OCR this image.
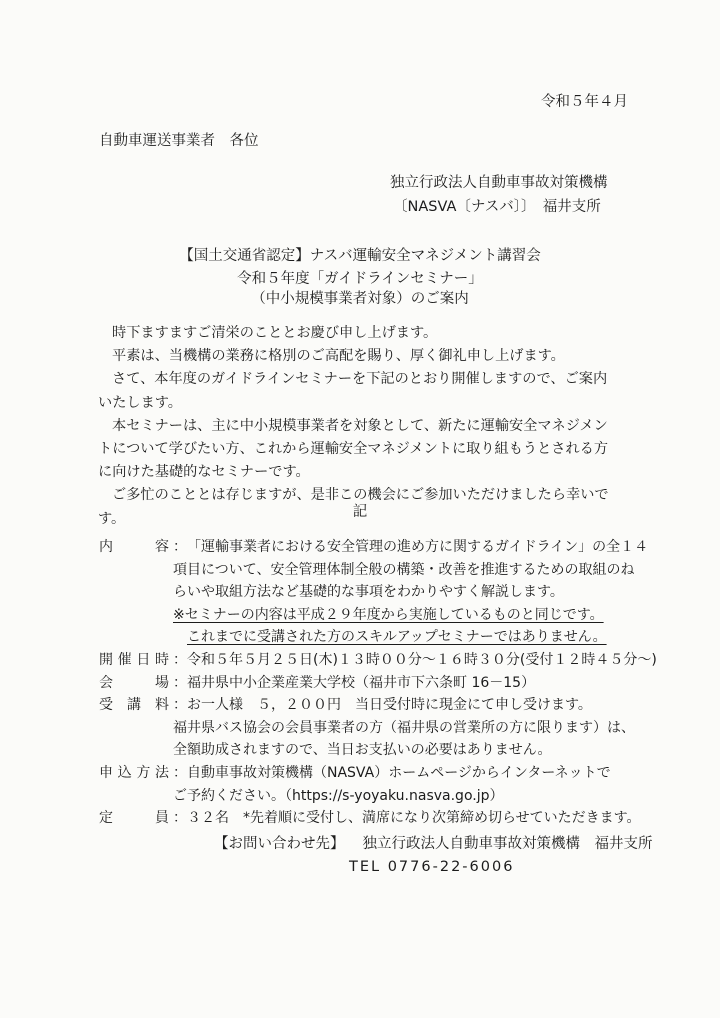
令和５年４月
自動車運送事業者　各位
独立行政法人自動車事故対策機構
〔NASVA〔ナスバ〕〕　福井支所
【国土交通省認定】ナスバ運輸安全マネジメント講習会
令和５年度「ガイドラインセミナー」
（中小規模事業者対象）のご案内

時下ますますご清栄のこととお慶び申し上げます。

平素は、当機構の業務に格別のご高配を賜り、厚く御礼申し上げます。

さて、本年度のガイドラインセミナーを下記のとおり開催しますので、ご案内いたします。

本セミナーは、主に中小規模事業者を対象として、新たに運輸安全マネジメントについて学びたい方、これから運輸安全マネジメントに取り組もうとされる方に向けた基礎的なセミナーです。

ご多忙のこととは存じますが、是非この機会にご参加いただけましたら幸いです。	記
内　容 ： 「運輸事業者における安全管理の進め方に関するガイドライン」の全１４
項目について、安全管理体制全般の構築・改善を推進するための取組のね
らいや取組方法など基礎的な事項をわかりやすく解説します。
※セミナーの内容は平成２９年度から実施しているものと同じです。
これまでに受講された方のスキルアップセミナーではありません。
開催日時 ： 令和５年５月２５日(木)１３時００分～１６時３０分(受付１２時４５分～)
会　場 ： 福井県中小企業産業大学校（福井市下六条町 16－15）
受講料 ： お一人様　５，２００円　当日受付時に現金にて申し受けます。
福井県バス協会の会員事業者の方（福井県の営業所の方に限ります）は、
全額助成されますので、当日お支払いの必要はありません。
申込方法 ： 自動車事故対策機構（NASVA）ホームページからインターネットで
ご予約ください。（https://s-yoyaku.nasva.go.jp）
定　員 ： ３２名　*先着順に受付し、満席になり次第締め切らせていただきます。
【お問い合わせ先】 独立行政法人自動車事故対策機構　福井支所
TEL 0776-22-6006
